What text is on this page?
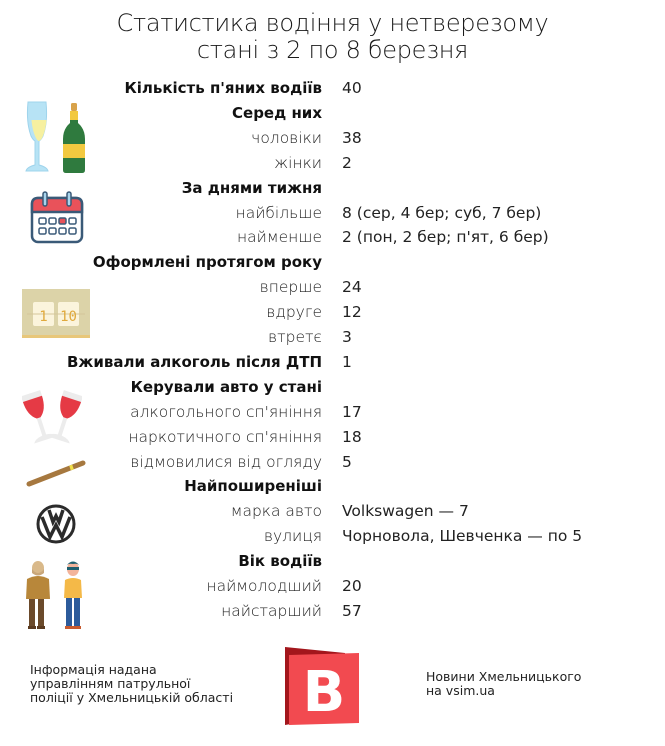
Статистика водіння у нетверезому
стані з 2 по 8 березня
Кількість п'яних водіїв 40
Серед них
чоловіки 38
жінки 2
За днями тижня
найбільше 8 (сер, 4 бер; суб, 7 бер)
найменше 2 (пон, 2 бер; п'ят, 6 бер)
Оформлені протягом року
вперше 24
вдруге 12
втретє 3
Вживали алкоголь після ДТП 1
Керували авто у стані
алкогольного сп'яніння 17
наркотичного сп'яніння 18
відмовилися від огляду 5
Найпоширеніші
марка авто Volkswagen — 7
вулиця Чорновола, Шевченка — по 5
Вік водіїв
наймолодший 20
найстарший 57
1 10
Інформація надана
управлінням патрульної
поліції у Хмельницькій області В	Новини Хмельницького
на vsim.ua
